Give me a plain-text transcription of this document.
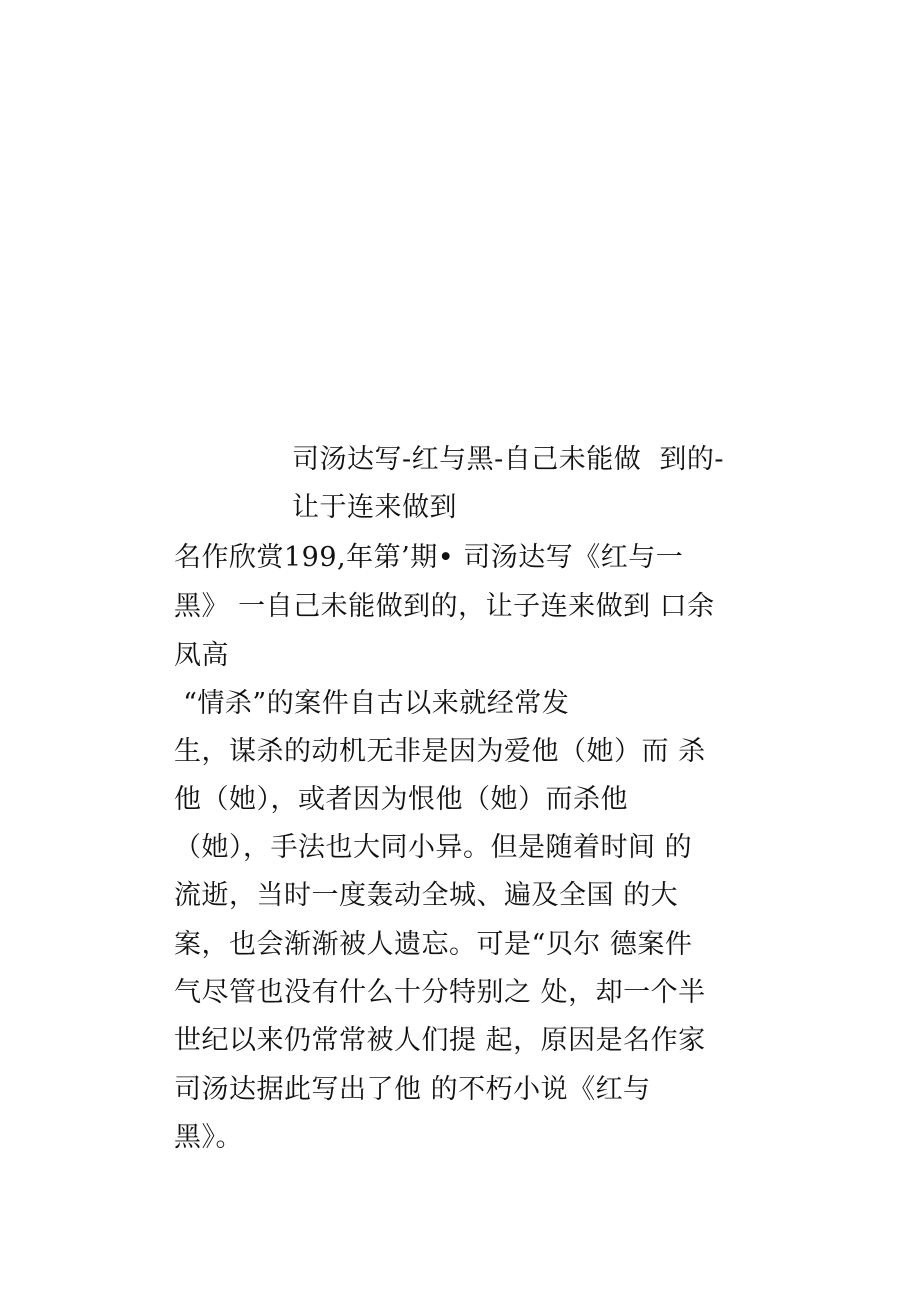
司汤达写-红与黑-自己未能做  到的-
让于连来做到
名作欣赏199,年第’期• 司汤达写《红与一
黑》 一自己未能做到的，让子连来做到 口余
凤高
“情杀”的案件自古以来就经常发
生，谋杀的动机无非是因为爱他（她）而 杀
他（她），或者因为恨他（她）而杀他
（她），手法也大同小异。但是随着时间 的
流逝，当时一度轰动全城、遍及全国 的大
案，也会渐渐被人遗忘。可是“贝尔 德案件
气尽管也没有什么十分特别之 处，却一个半
世纪以来仍常常被人们提 起，原因是名作家
司汤达据此写出了他 的不朽小说《红与
黑》。
